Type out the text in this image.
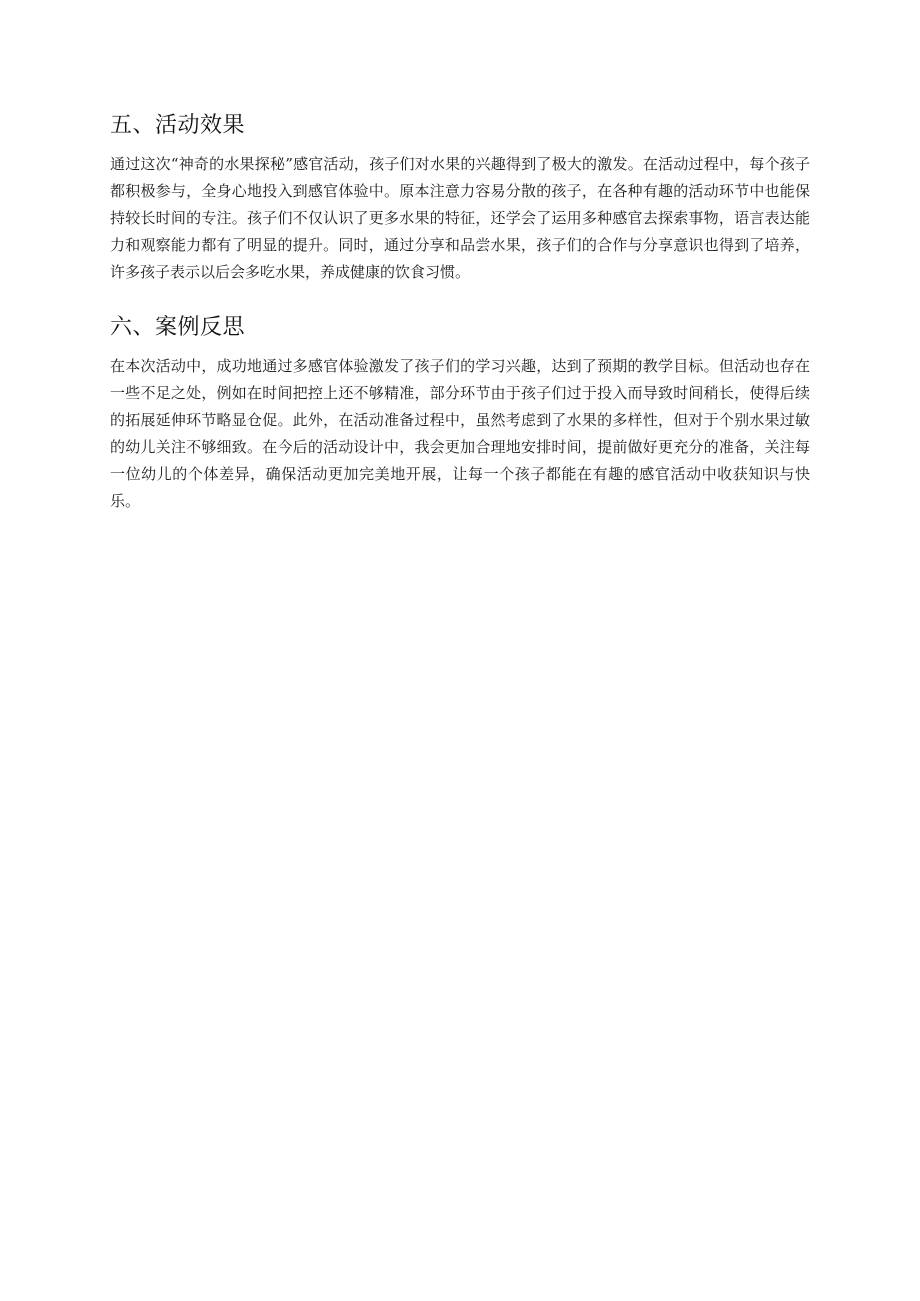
五、活动效果

通过这次“神奇的水果探秘”感官活动，孩子们对水果的兴趣得到了极大的激发。在活动过程中，每个孩子都积极参与，全身心地投入到感官体验中。原本注意力容易分散的孩子，在各种有趣的活动环节中也能保持较长时间的专注。孩子们不仅认识了更多水果的特征，还学会了运用多种感官去探索事物，语言表达能力和观察能力都有了明显的提升。同时，通过分享和品尝水果，孩子们的合作与分享意识也得到了培养，许多孩子表示以后会多吃水果，养成健康的饮食习惯。

六、案例反思

在本次活动中，成功地通过多感官体验激发了孩子们的学习兴趣，达到了预期的教学目标。但活动也存在一些不足之处，例如在时间把控上还不够精准，部分环节由于孩子们过于投入而导致时间稍长，使得后续的拓展延伸环节略显仓促。此外，在活动准备过程中，虽然考虑到了水果的多样性，但对于个别水果过敏的幼儿关注不够细致。在今后的活动设计中，我会更加合理地安排时间，提前做好更充分的准备，关注每一位幼儿的个体差异，确保活动更加完美地开展，让每一个孩子都能在有趣的感官活动中收获知识与快乐。
